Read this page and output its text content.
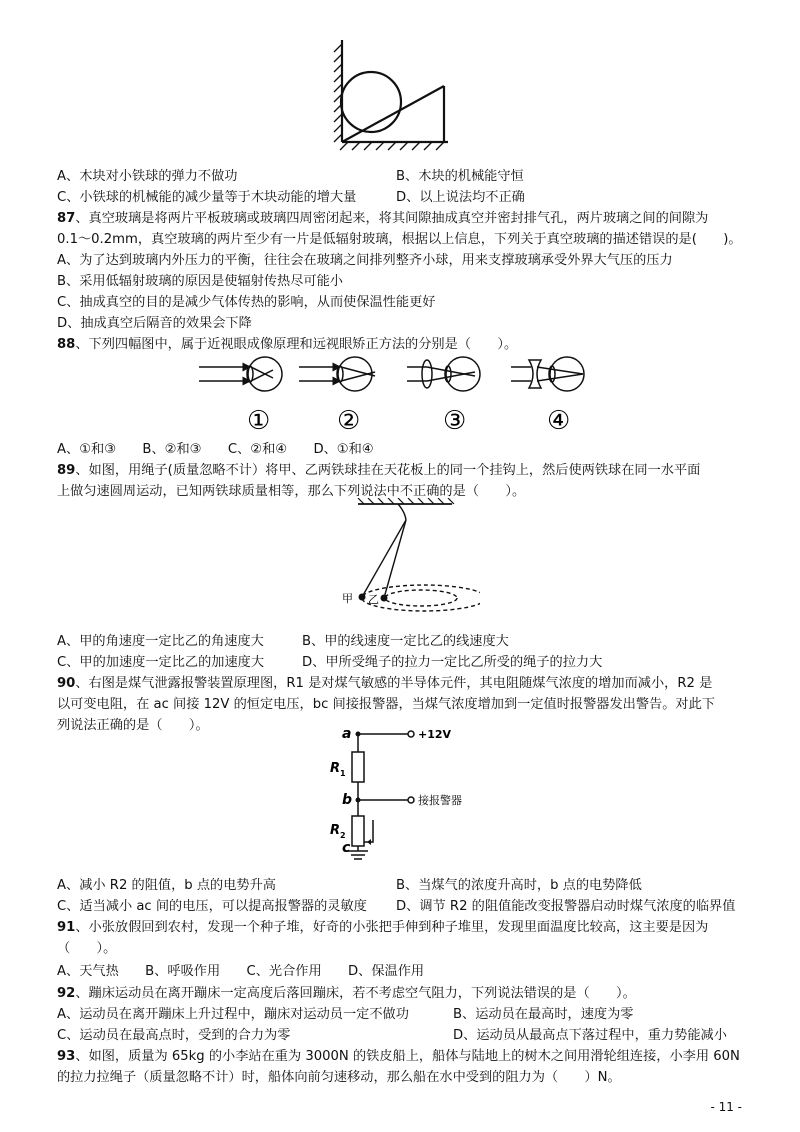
A、木块对小铁球的弹力不做功	B、木块的机械能守恒
C、小铁球的机械能的减少量等于木块动能的增大量	D、以上说法均不正确
87、真空玻璃是将两片平板玻璃或玻璃四周密闭起来，将其间隙抽成真空并密封排气孔，两片玻璃之间的间隙为
0.1～0.2mm，真空玻璃的两片至少有一片是低辐射玻璃，根据以上信息，下列关于真空玻璃的描述错误的是(　　)。
A、为了达到玻璃内外压力的平衡，往往会在玻璃之间排列整齐小球，用来支撑玻璃承受外界大气压的压力
B、采用低辐射玻璃的原因是使辐射传热尽可能小
C、抽成真空的目的是减少气体传热的影响，从而使保温性能更好
D、抽成真空后隔音的效果会下降
88、下列四幅图中，属于近视眼成像原理和远视眼矫正方法的分别是（　　）。
①	②	③	④
A、①和③　　B、②和③　　C、②和④　　D、①和④
89、如图，用绳子(质量忽略不计）将甲、乙两铁球挂在天花板上的同一个挂钩上，然后使两铁球在同一水平面
上做匀速圆周运动，已知两铁球质量相等，那么下列说法中不正确的是（　　）。
甲 乙
A、甲的角速度一定比乙的角速度大	B、甲的线速度一定比乙的线速度大
C、甲的加速度一定比乙的加速度大	D、甲所受绳子的拉力一定比乙所受的绳子的拉力大
90、右图是煤气泄露报警装置原理图，R1 是对煤气敏感的半导体元件，其电阻随煤气浓度的增加而减小，R2 是
以可变电阻，在 ac 间接 12V 的恒定电压，bc 间接报警器，当煤气浓度增加到一定值时报警器发出警告。对此下
列说法正确的是（　　）。
a
b
c
+12V
R 1
R 2
接报警器
A、减小 R2 的阻值，b 点的电势升高	B、当煤气的浓度升高时，b 点的电势降低
C、适当减小 ac 间的电压，可以提高报警器的灵敏度 D、调节 R2 的阻值能改变报警器启动时煤气浓度的临界值
91、小张放假回到农村，发现一个种子堆，好奇的小张把手伸到种子堆里，发现里面温度比较高，这主要是因为
（　　）。
A、天气热　　B、呼吸作用　　C、光合作用　　D、保温作用
92、蹦床运动员在离开蹦床一定高度后落回蹦床，若不考虑空气阻力，下列说法错误的是（　　）。
A、运动员在离开蹦床上升过程中，蹦床对运动员一定不做功	B、运动员在最高时，速度为零
C、运动员在最高点时，受到的合力为零	D、运动员从最高点下落过程中，重力势能减小
93、如图，质量为 65kg 的小李站在重为 3000N 的铁皮船上，船体与陆地上的树木之间用滑轮组连接，小李用 60N
的拉力拉绳子（质量忽略不计）时，船体向前匀速移动，那么船在水中受到的阻力为（　　）N。
- 11 -
